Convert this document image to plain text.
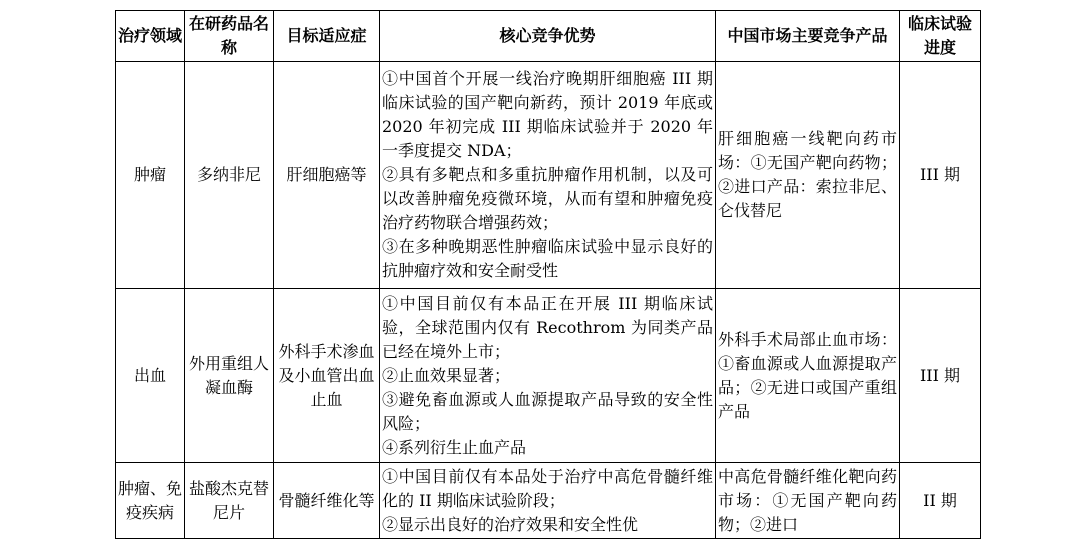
治疗领域	在研药品名称	目标适应症	核心竞争优势	中国市场主要竞争产品	临床试验进度
肿瘤	多纳非尼	肝细胞癌等	①中国首个开展一线治疗晚期肝细胞癌 III 期临床试验的国产靶向新药，预计 2019 年底或 2020 年初完成 III 期临床试验并于 2020 年一季度提交 NDA；
②具有多靶点和多重抗肿瘤作用机制，以及可以改善肿瘤免疫微环境，从而有望和肿瘤免疫治疗药物联合增强药效；
③在多种晚期恶性肿瘤临床试验中显示良好的抗肿瘤疗效和安全耐受性	肝细胞癌一线靶向药市场：①无国产靶向药物；②进口产品：索拉非尼、仑伐替尼	III 期
出血	外用重组人凝血酶	外科手术渗血及小血管出血止血	①中国目前仅有本品正在开展 III 期临床试验，全球范围内仅有 Recothrom 为同类产品已经在境外上市；
②止血效果显著；
③避免畜血源或人血源提取产品导致的安全性风险；
④系列衍生止血产品	外科手术局部止血市场：①畜血源或人血源提取产品；②无进口或国产重组产品	III 期
肿瘤、免疫疾病	盐酸杰克替尼片	骨髓纤维化等	①中国目前仅有本品处于治疗中高危骨髓纤维化的 II 期临床试验阶段；
②显示出良好的治疗效果和安全性优	中高危骨髓纤维化靶向药市场：①无国产靶向药物；②进口	II 期
